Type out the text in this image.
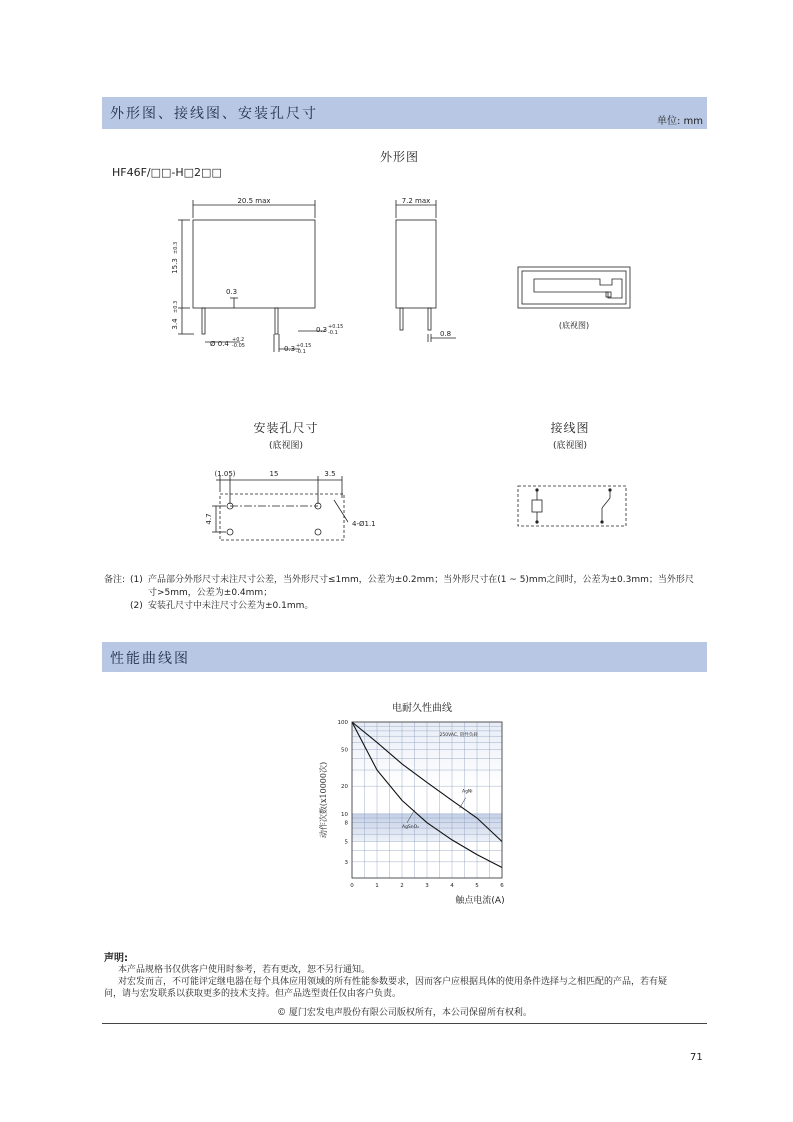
外形图、接线图、安装孔尺寸	单位: mm
外形图
HF46F/□□-H□2□□
20.5 max	7.2 max
15.3
±0.3
3.4
±0.3
0.3
Ø 0.4 +0.2
-0.05
0.3 +0.15
-0.1
0.3 +0.15
-0.1
0.8
(底视图)
安装孔尺寸
(底视图)
接线图
(底视图)
(1.05)	15	3.5
4.7	4-Ø1.1
备注: (1) 产品部分外形尺寸未注尺寸公差，当外形尺寸≤1mm，公差为±0.2mm；当外形尺寸在(1 ~ 5)mm之间时，公差为±0.3mm；当外形尺
寸>5mm，公差为±0.4mm；
(2) 安装孔尺寸中未注尺寸公差为±0.1mm。
性能曲线图
电耐久性曲线
0	1	2	3	4	5	6
100
50
20
10
8
5
3
250VAC, 阻性负载
AgNi
AgSnO₂
动作次数(x10000次)
触点电流(A)
声明:
本产品规格书仅供客户使用时参考，若有更改，恕不另行通知。
对宏发而言，不可能评定继电器在每个具体应用领域的所有性能参数要求，因而客户应根据具体的使用条件选择与之相匹配的产品，若有疑
问，请与宏发联系以获取更多的技术支持。但产品选型责任仅由客户负责。
© 厦门宏发电声股份有限公司版权所有，本公司保留所有权利。
71
